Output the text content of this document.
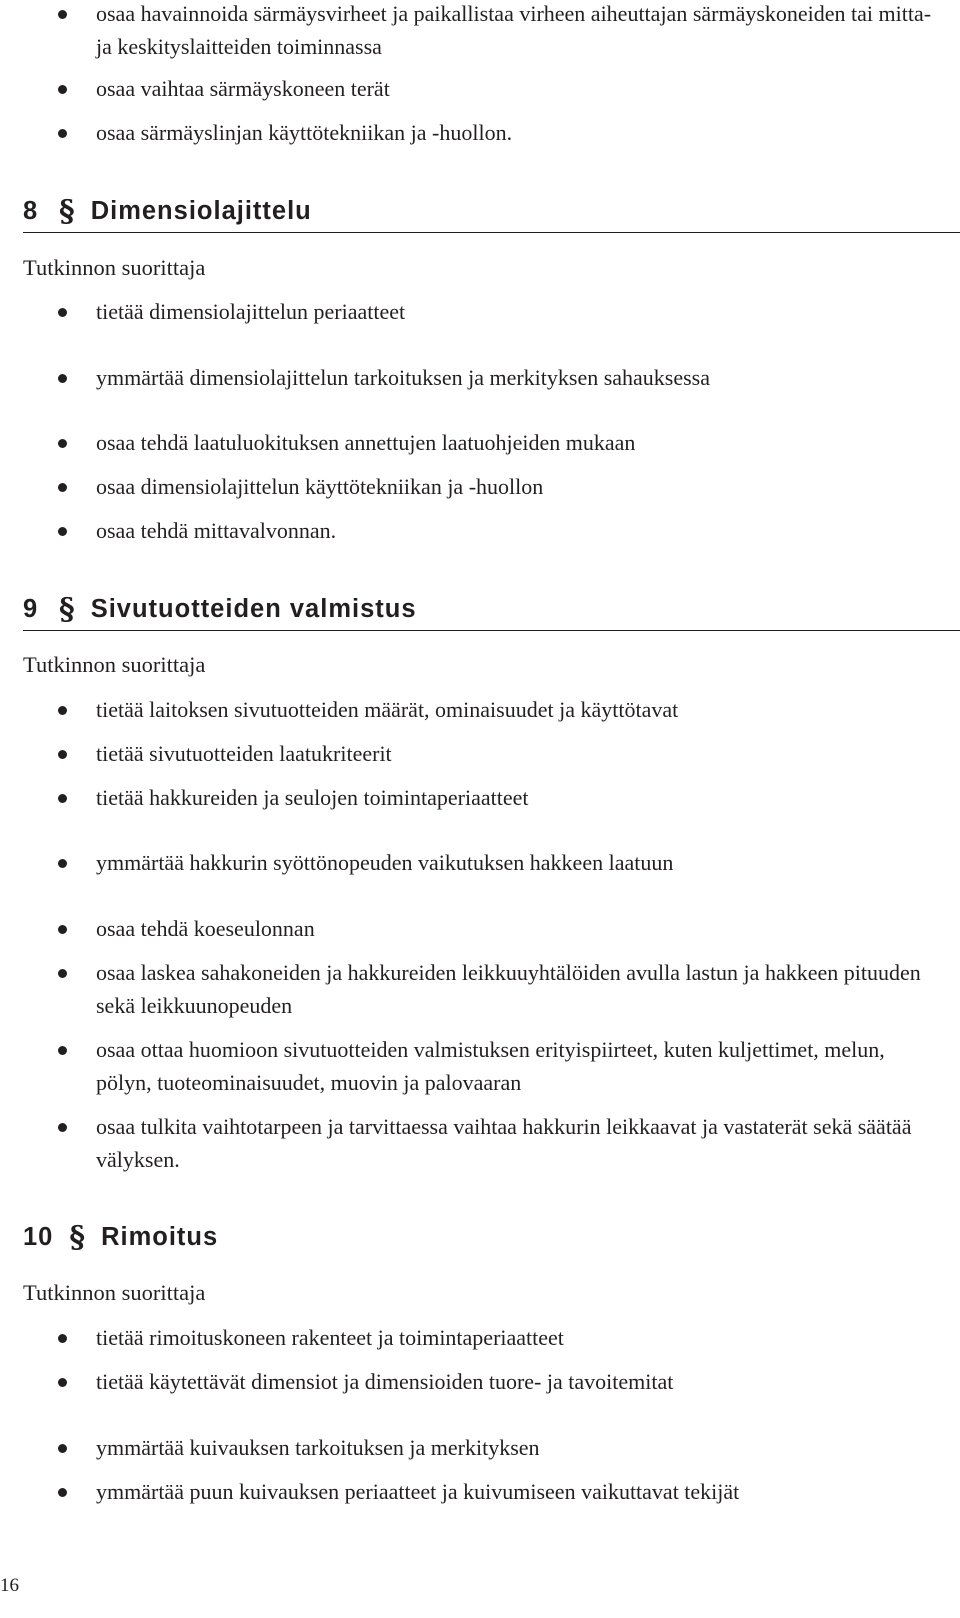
osaa havainnoida särmäysvirheet ja paikallistaa virheen aiheuttajan särmäyskoneiden tai mitta- ja keskityslaitteiden toiminnassa

osaa vaihtaa särmäyskoneen terät

osaa särmäyslinjan käyttötekniikan ja -huollon.

8 § Dimensiolajittelu

Tutkinnon suorittaja

tietää dimensiolajittelun periaatteet

ymmärtää dimensiolajittelun tarkoituksen ja merkityksen sahauksessa

osaa tehdä laatuluokituksen annettujen laatuohjeiden mukaan

osaa dimensiolajittelun käyttötekniikan ja -huollon

osaa tehdä mittavalvonnan.

9 § Sivutuotteiden valmistus

Tutkinnon suorittaja

tietää laitoksen sivutuotteiden määrät, ominaisuudet ja käyttötavat

tietää sivutuotteiden laatukriteerit

tietää hakkureiden ja seulojen toimintaperiaatteet

ymmärtää hakkurin syöttönopeuden vaikutuksen hakkeen laatuun

osaa tehdä koeseulonnan

osaa laskea sahakoneiden ja hakkureiden leikkuuyhtälöiden avulla lastun ja hakkeen pituuden sekä leikkuunopeuden

osaa ottaa huomioon sivutuotteiden valmistuksen erityispiirteet, kuten kuljettimet, melun, pölyn, tuoteominaisuudet, muovin ja palovaaran

osaa tulkita vaihtotarpeen ja tarvittaessa vaihtaa hakkurin leikkaavat ja vastaterät sekä säätää välyksen.

10 § Rimoitus

Tutkinnon suorittaja

tietää rimoituskoneen rakenteet ja toimintaperiaatteet

tietää käytettävät dimensiot ja dimensioiden tuore- ja tavoitemitat

ymmärtää kuivauksen tarkoituksen ja merkityksen

ymmärtää puun kuivauksen periaatteet ja kuivumiseen vaikuttavat tekijät

16
